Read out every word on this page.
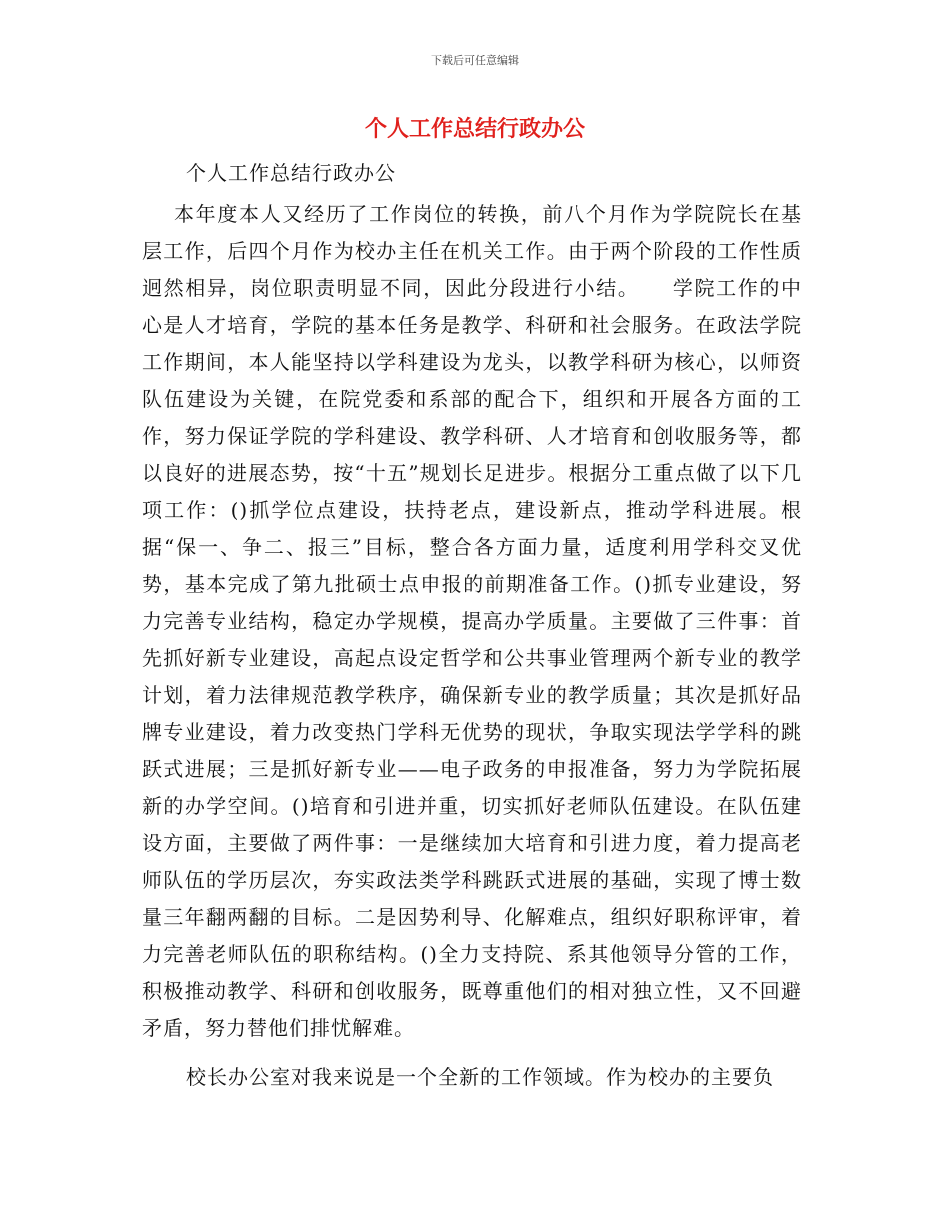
下载后可任意编辑
个人工作总结行政办公

个人工作总结行政办公

本年度本人又经历了工作岗位的转换，前八个月作为学院院长在基层工作，后四个月作为校办主任在机关工作。由于两个阶段的工作性质迥然相异，岗位职责明显不同，因此分段进行小结。　　学院工作的中心是人才培育，学院的基本任务是教学、科研和社会服务。在政法学院工作期间，本人能坚持以学科建设为龙头，以教学科研为核心，以师资队伍建设为关键，在院党委和系部的配合下，组织和开展各方面的工作，努力保证学院的学科建设、教学科研、人才培育和创收服务等，都以良好的进展态势，按“十五”规划长足进步。根据分工重点做了以下几项工作：()抓学位点建设，扶持老点，建设新点，推动学科进展。根据“保一、争二、报三”目标，整合各方面力量，适度利用学科交叉优势，基本完成了第九批硕士点申报的前期准备工作。()抓专业建设，努力完善专业结构，稳定办学规模，提高办学质量。主要做了三件事：首先抓好新专业建设，高起点设定哲学和公共事业管理两个新专业的教学计划，着力法律规范教学秩序，确保新专业的教学质量；其次是抓好品牌专业建设，着力改变热门学科无优势的现状，争取实现法学学科的跳跃式进展；三是抓好新专业——电子政务的申报准备，努力为学院拓展新的办学空间。()培育和引进并重，切实抓好老师队伍建设。在队伍建设方面，主要做了两件事：一是继续加大培育和引进力度，着力提高老师队伍的学历层次，夯实政法类学科跳跃式进展的基础，实现了博士数量三年翻两翻的目标。二是因势利导、化解难点，组织好职称评审，着力完善老师队伍的职称结构。()全力支持院、系其他领导分管的工作，积极推动教学、科研和创收服务，既尊重他们的相对独立性，又不回避矛盾，努力替他们排忧解难。

校长办公室对我来说是一个全新的工作领域。作为校办的主要负
